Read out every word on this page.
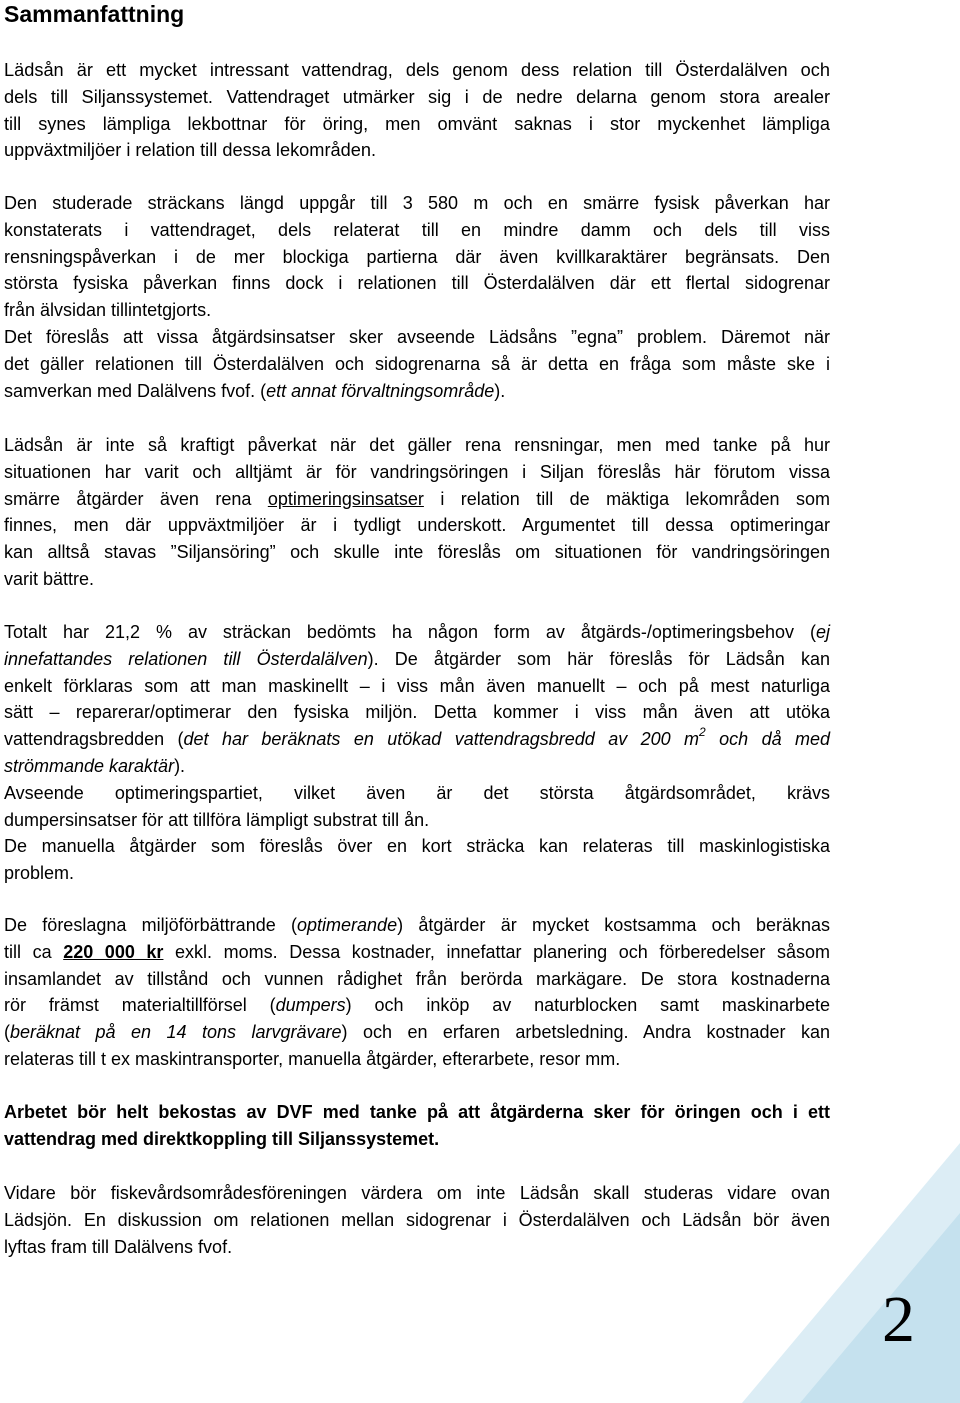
Sammanfattning

Lädsån är ett mycket intressant vattendrag, dels genom dess relation till Österdalälven och
dels till Siljanssystemet. Vattendraget utmärker sig i de nedre delarna genom stora arealer
till synes lämpliga lekbottnar för öring, men omvänt saknas i stor myckenhet lämpliga
uppväxtmiljöer i relation till dessa lekområden.

Den studerade sträckans längd uppgår till 3 580 m och en smärre fysisk påverkan har
konstaterats i vattendraget, dels relaterat till en mindre damm och dels till viss
rensningspåverkan i de mer blockiga partierna där även kvillkaraktärer begränsats. Den
största fysiska påverkan finns dock i relationen till Österdalälven där ett flertal sidogrenar
från älvsidan tillintetgjorts.
Det föreslås att vissa åtgärdsinsatser sker avseende Lädsåns ”egna” problem. Däremot när
det gäller relationen till Österdalälven och sidogrenarna så är detta en fråga som måste ske i
samverkan med Dalälvens fvof. (ett annat förvaltningsområde).

Lädsån är inte så kraftigt påverkat när det gäller rena rensningar, men med tanke på hur
situationen har varit och alltjämt är för vandringsöringen i Siljan föreslås här förutom vissa
smärre åtgärder även rena optimeringsinsatser i relation till de mäktiga lekområden som
finnes, men där uppväxtmiljöer är i tydligt underskott. Argumentet till dessa optimeringar
kan alltså stavas ”Siljansöring” och skulle inte föreslås om situationen för vandringsöringen
varit bättre.

Totalt har 21,2 % av sträckan bedömts ha någon form av åtgärds-/optimeringsbehov (ej
innefattandes relationen till Österdalälven). De åtgärder som här föreslås för Lädsån kan
enkelt förklaras som att man maskinellt – i viss mån även manuellt – och på mest naturliga
sätt – reparerar/optimerar den fysiska miljön. Detta kommer i viss mån även att utöka
vattendragsbredden (det har beräknats en utökad vattendragsbredd av 200 $m^2$ och då med
strömmande karaktär).
Avseende optimeringspartiet, vilket även är det största åtgärdsområdet, krävs
dumpersinsatser för att tillföra lämpligt substrat till ån.
De manuella åtgärder som föreslås över en kort sträcka kan relateras till maskinlogistiska
problem.

De föreslagna miljöförbättrande (optimerande) åtgärder är mycket kostsamma och beräknas
till ca 220 000 kr exkl. moms. Dessa kostnader, innefattar planering och förberedelser såsom
insamlandet av tillstånd och vunnen rådighet från berörda markägare. De stora kostnaderna
rör främst materialtillförsel (dumpers) och inköp av naturblocken samt maskinarbete
(beräknat på en 14 tons larvgrävare) och en erfaren arbetsledning. Andra kostnader kan
relateras till t ex maskintransporter, manuella åtgärder, efterarbete, resor mm.

Arbetet bör helt bekostas av DVF med tanke på att åtgärderna sker för öringen och i ett
vattendrag med direktkoppling till Siljanssystemet.

Vidare bör fiskevårdsområdesföreningen värdera om inte Lädsån skall studeras vidare ovan
Lädsjön. En diskussion om relationen mellan sidogrenar i Österdalälven och Lädsån bör även
lyftas fram till Dalälvens fvof.

2
